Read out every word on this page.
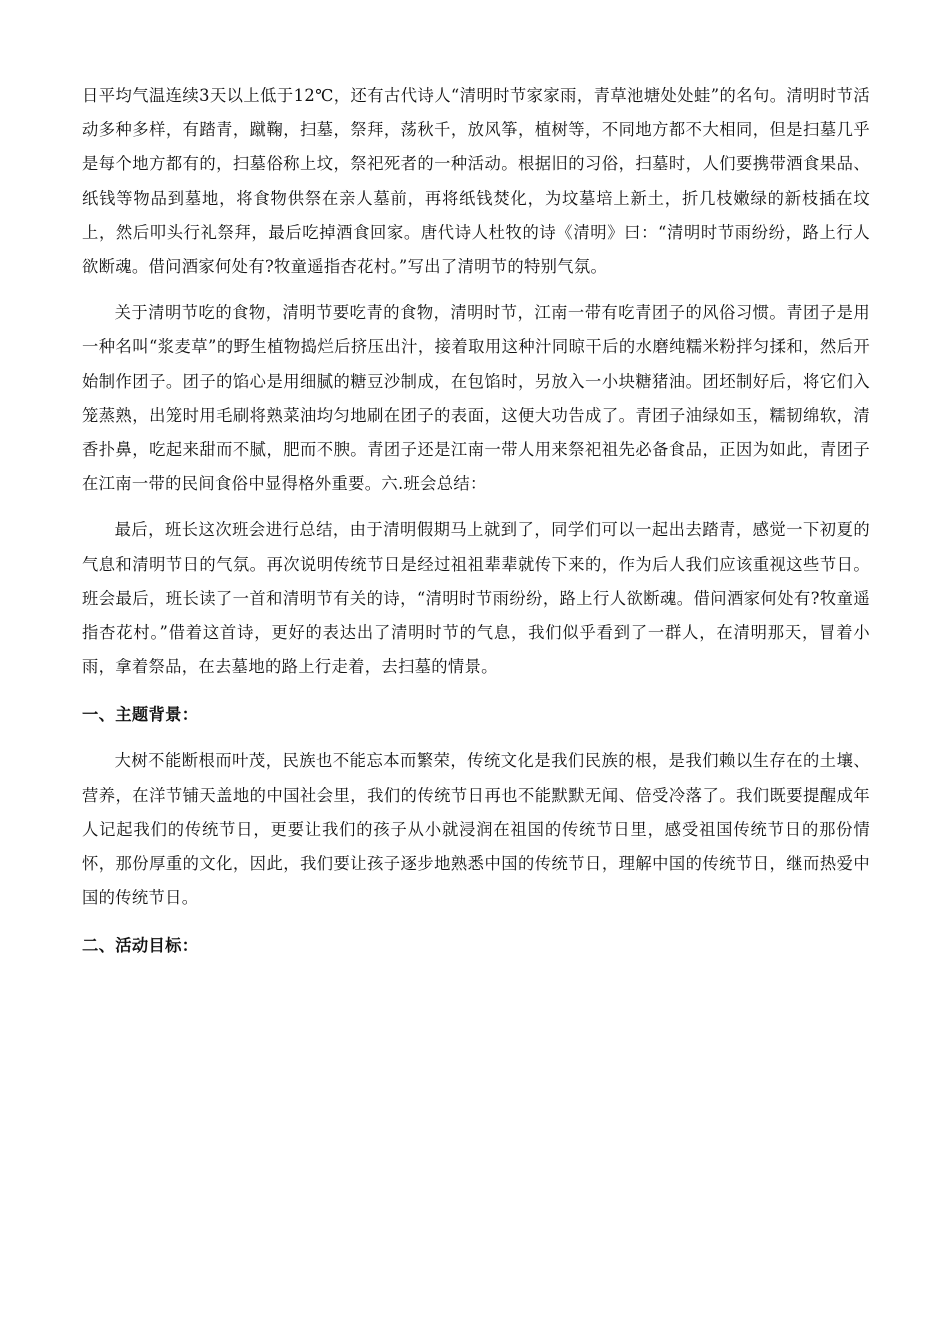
日平均气温连续3天以上低于12℃，还有古代诗人“清明时节家家雨，青草池塘处处蛙”的名句。清明时节活动多种多样，有踏青，蹴鞠，扫墓，祭拜，荡秋千，放风筝，植树等，不同地方都不大相同，但是扫墓几乎是每个地方都有的，扫墓俗称上坟，祭祀死者的一种活动。根据旧的习俗，扫墓时，人们要携带酒食果品、纸钱等物品到墓地，将食物供祭在亲人墓前，再将纸钱焚化，为坟墓培上新土，折几枝嫩绿的新枝插在坟上，然后叩头行礼祭拜，最后吃掉酒食回家。唐代诗人杜牧的诗《清明》曰：“清明时节雨纷纷，路上行人欲断魂。借问酒家何处有?牧童遥指杏花村。”写出了清明节的特别气氛。

关于清明节吃的食物，清明节要吃青的食物，清明时节，江南一带有吃青团子的风俗习惯。青团子是用一种名叫“浆麦草”的野生植物捣烂后挤压出汁，接着取用这种汁同晾干后的水磨纯糯米粉拌匀揉和，然后开始制作团子。团子的馅心是用细腻的糖豆沙制成，在包馅时，另放入一小块糖猪油。团坯制好后，将它们入笼蒸熟，出笼时用毛刷将熟菜油均匀地刷在团子的表面，这便大功告成了。青团子油绿如玉，糯韧绵软，清香扑鼻，吃起来甜而不腻，肥而不腴。青团子还是江南一带人用来祭祀祖先必备食品，正因为如此，青团子在江南一带的民间食俗中显得格外重要。六.班会总结：

最后，班长这次班会进行总结，由于清明假期马上就到了，同学们可以一起出去踏青，感觉一下初夏的气息和清明节日的气氛。再次说明传统节日是经过祖祖辈辈就传下来的，作为后人我们应该重视这些节日。班会最后，班长读了一首和清明节有关的诗，“清明时节雨纷纷，路上行人欲断魂。借问酒家何处有?牧童遥指杏花村。”借着这首诗，更好的表达出了清明时节的气息，我们似乎看到了一群人，在清明那天，冒着小雨，拿着祭品，在去墓地的路上行走着，去扫墓的情景。

一、主题背景：

大树不能断根而叶茂，民族也不能忘本而繁荣，传统文化是我们民族的根，是我们赖以生存在的土壤、营养，在洋节铺天盖地的中国社会里，我们的传统节日再也不能默默无闻、倍受冷落了。我们既要提醒成年人记起我们的传统节日，更要让我们的孩子从小就浸润在祖国的传统节日里，感受祖国传统节日的那份情怀，那份厚重的文化，因此，我们要让孩子逐步地熟悉中国的传统节日，理解中国的传统节日，继而热爱中国的传统节日。

二、活动目标：
